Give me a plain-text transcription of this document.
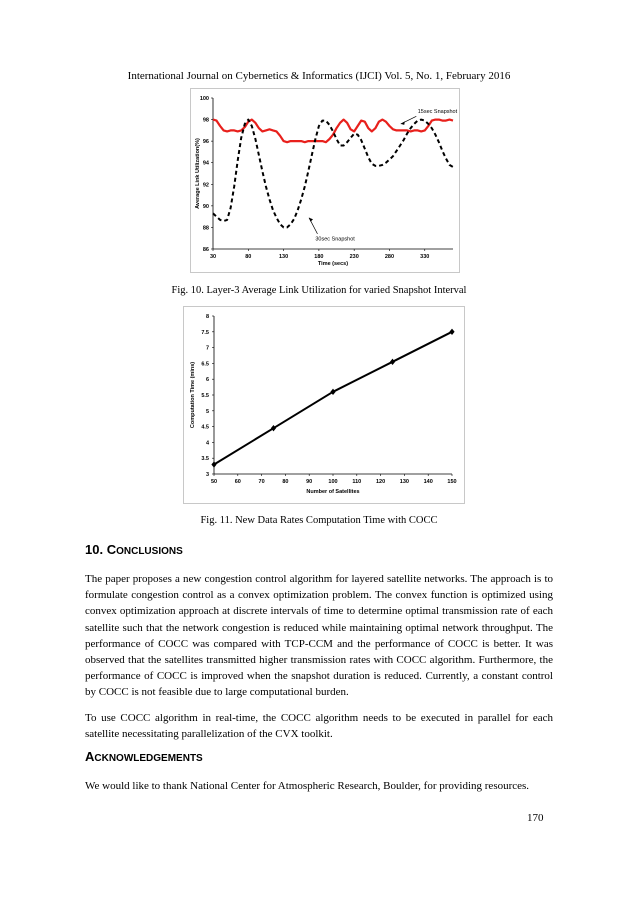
International Journal on Cybernetics & Informatics (IJCI) Vol. 5, No. 1, February 2016
86
88
90
92
94
96
98
100
30	80	130	180	230	280	330
Time (secs)
Average Link Utilization(%)
15sec Snapshot
30sec Snapshot
Fig. 10. Layer-3 Average Link Utilization for varied Snapshot Interval
3
3.5
4
4.5
5
5.5
6
6.5
7
7.5
8
50	60	70	80	90	100	110	120	130	140	150
Number of Satellites
Computation Time (mins)
Fig. 11. New Data Rates Computation Time with COCC
10. CONCLUSIONS
The paper proposes a new congestion control algorithm for layered satellite networks. The approach is to formulate congestion control as a convex optimization problem. The convex function is optimized using convex optimization approach at discrete intervals of time to determine optimal transmission rate of each satellite such that the network congestion is reduced while maintaining optimal network throughput. The performance of COCC was compared with TCP-CCM and the performance of COCC is better. It was observed that the satellites transmitted higher transmission rates with COCC algorithm. Furthermore, the performance of COCC is improved when the snapshot duration is reduced. Currently, a constant control by COCC is not feasible due to large computational burden.
To use COCC algorithm in real-time, the COCC algorithm needs to be executed in parallel for each satellite necessitating parallelization of the CVX toolkit.
ACKNOWLEDGEMENTS
We would like to thank National Center for Atmospheric Research, Boulder, for providing resources.
170
